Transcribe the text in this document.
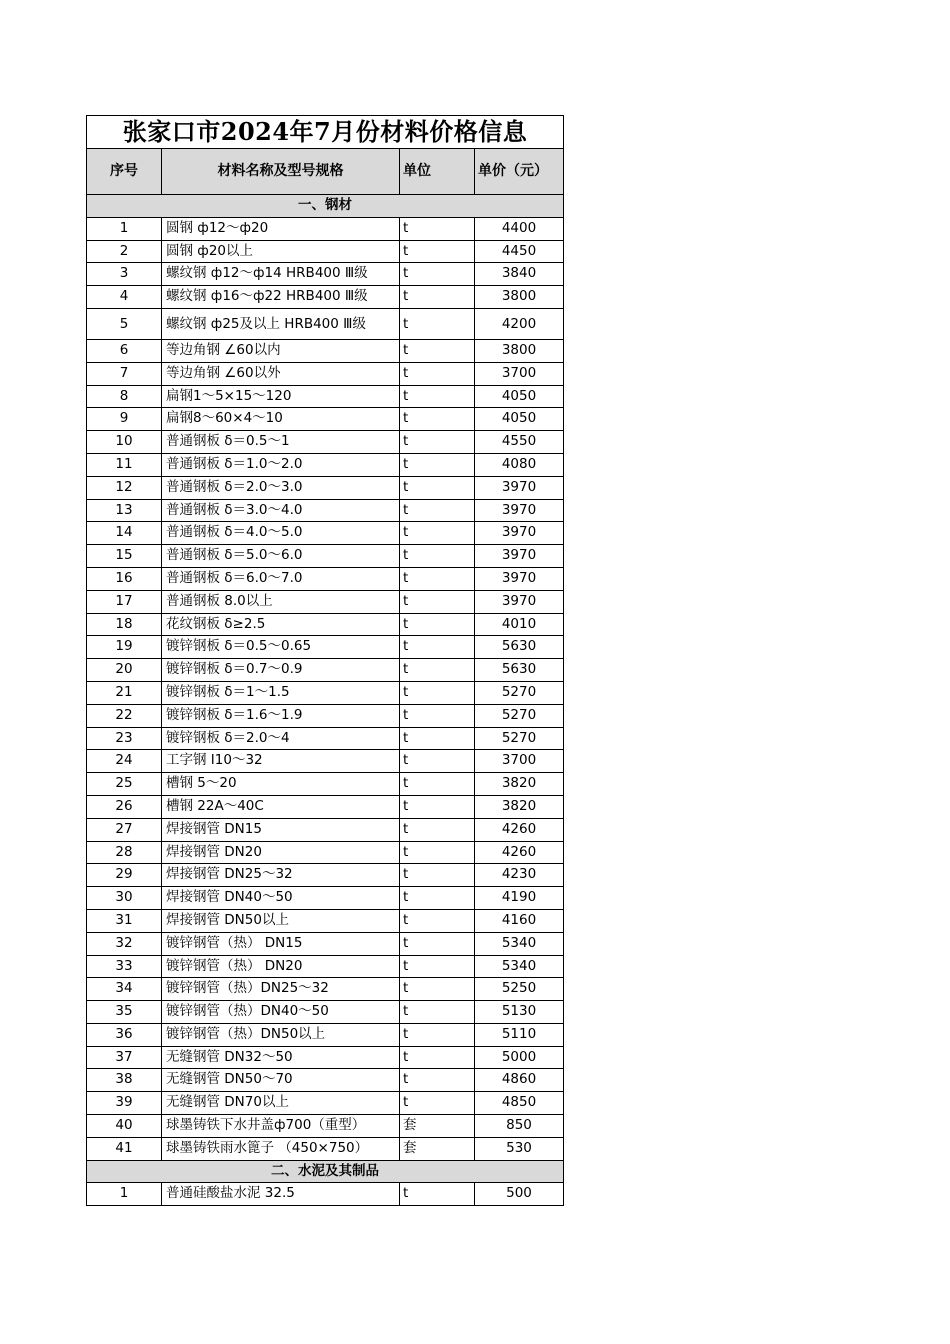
张家口市2024年7月份材料价格信息			
序号	材料名称及型号规格	单位	单价（元）
一、钢材			
1	圆钢 ф12～ф20	t	4400
2	圆钢 ф20以上	t	4450
3	螺纹钢 ф12～ф14 HRB400 Ⅲ级	t	3840
4	螺纹钢 ф16～ф22 HRB400 Ⅲ级	t	3800
5	螺纹钢 ф25及以上 HRB400 Ⅲ级	t	4200
6	等边角钢 ∠60以内	t	3800
7	等边角钢 ∠60以外	t	3700
8	扁钢1～5×15～120	t	4050
9	扁钢8～60×4～10	t	4050
10	普通钢板 δ＝0.5～1	t	4550
11	普通钢板 δ＝1.0～2.0	t	4080
12	普通钢板 δ＝2.0～3.0	t	3970
13	普通钢板 δ＝3.0～4.0	t	3970
14	普通钢板 δ＝4.0～5.0	t	3970
15	普通钢板 δ＝5.0～6.0	t	3970
16	普通钢板 δ＝6.0～7.0	t	3970
17	普通钢板 8.0以上	t	3970
18	花纹钢板 δ≥2.5	t	4010
19	镀锌钢板 δ＝0.5～0.65	t	5630
20	镀锌钢板 δ＝0.7～0.9	t	5630
21	镀锌钢板 δ＝1～1.5	t	5270
22	镀锌钢板 δ＝1.6～1.9	t	5270
23	镀锌钢板 δ＝2.0～4	t	5270
24	工字钢 Ⅰ10～32	t	3700
25	槽钢 5～20	t	3820
26	槽钢 22A～40C	t	3820
27	焊接钢管 DN15	t	4260
28	焊接钢管 DN20	t	4260
29	焊接钢管 DN25～32	t	4230
30	焊接钢管 DN40～50	t	4190
31	焊接钢管 DN50以上	t	4160
32	镀锌钢管（热） DN15	t	5340
33	镀锌钢管（热） DN20	t	5340
34	镀锌钢管（热）DN25～32	t	5250
35	镀锌钢管（热）DN40～50	t	5130
36	镀锌钢管（热）DN50以上	t	5110
37	无缝钢管 DN32～50	t	5000
38	无缝钢管 DN50～70	t	4860
39	无缝钢管 DN70以上	t	4850
40	球墨铸铁下水井盖ф700（重型）	套	850
41	球墨铸铁雨水篦子 （450×750）	套	530
二、水泥及其制品			
1	普通硅酸盐水泥 32.5	t	500
